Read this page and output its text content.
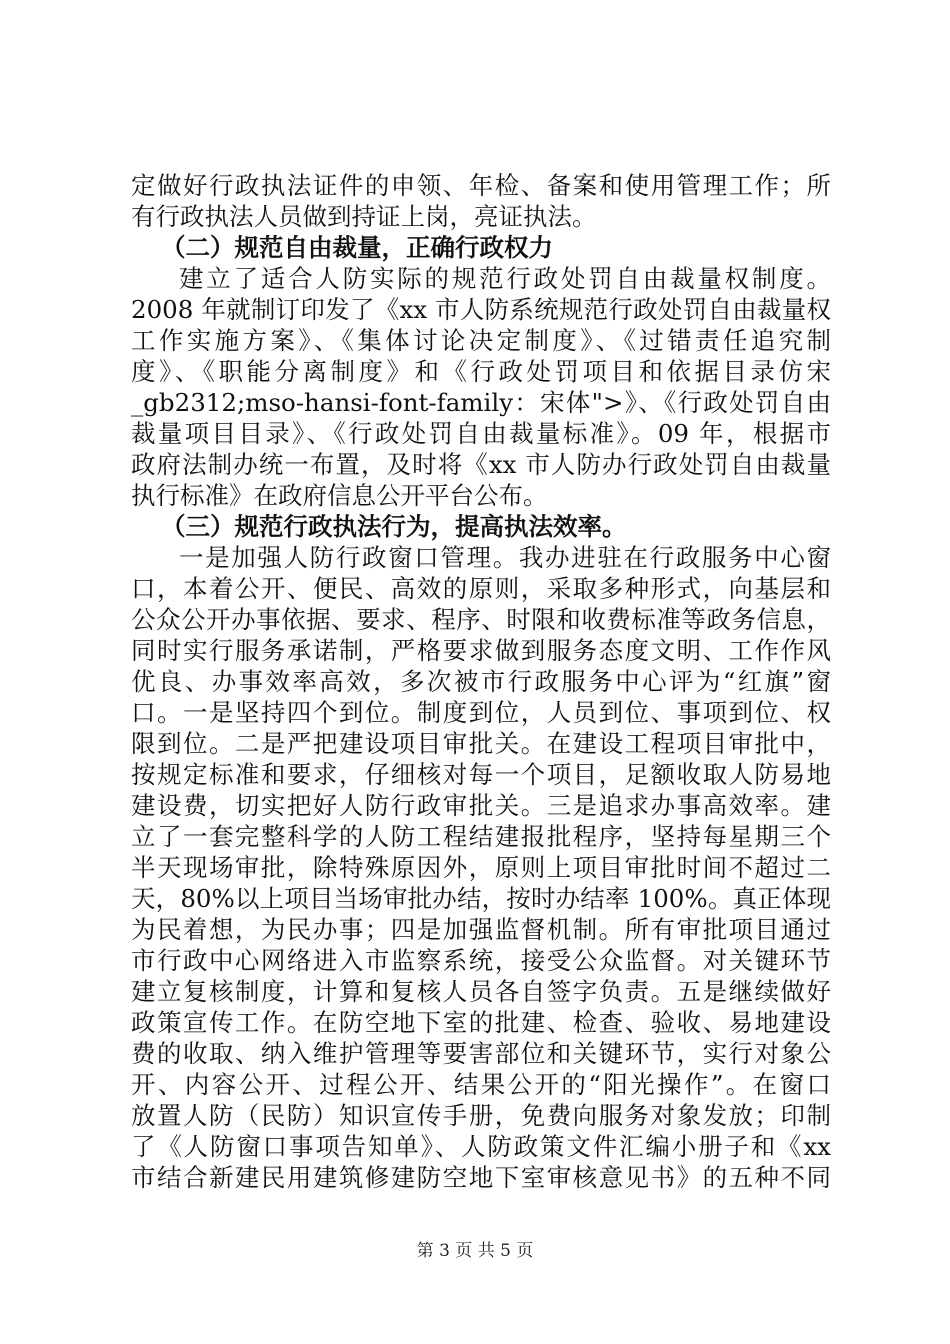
定做好行政执法证件的申领、年检、备案和使用管理工作；所
有行政执法人员做到持证上岗，亮证执法。
（二）规范自由裁量，正确行政权力
建立了适合人防实际的规范行政处罚自由裁量权制度。
2008 年就制订印发了《xx 市人防系统规范行政处罚自由裁量权
工作实施方案》、《集体讨论决定制度》、《过错责任追究制
度》、《职能分离制度》和《行政处罚项目和依据目录仿宋
_gb2312;mso-hansi-font-family：宋体">》、《行政处罚自由
裁量项目目录》、《行政处罚自由裁量标准》。09 年，根据市
政府法制办统一布置，及时将《xx 市人防办行政处罚自由裁量
执行标准》在政府信息公开平台公布。
（三）规范行政执法行为，提高执法效率。
一是加强人防行政窗口管理。我办进驻在行政服务中心窗
口，本着公开、便民、高效的原则，采取多种形式，向基层和
公众公开办事依据、要求、程序、时限和收费标准等政务信息，
同时实行服务承诺制，严格要求做到服务态度文明、工作作风
优良、办事效率高效，多次被市行政服务中心评为“红旗”窗
口。一是坚持四个到位。制度到位，人员到位、事项到位、权
限到位。二是严把建设项目审批关。在建设工程项目审批中，
按规定标准和要求，仔细核对每一个项目，足额收取人防易地
建设费，切实把好人防行政审批关。三是追求办事高效率。建
立了一套完整科学的人防工程结建报批程序，坚持每星期三个
半天现场审批，除特殊原因外，原则上项目审批时间不超过二
天，80%以上项目当场审批办结，按时办结率 100%。真正体现
为民着想，为民办事；四是加强监督机制。所有审批项目通过
市行政中心网络进入市监察系统，接受公众监督。对关键环节
建立复核制度，计算和复核人员各自签字负责。五是继续做好
政策宣传工作。在防空地下室的批建、检查、验收、易地建设
费的收取、纳入维护管理等要害部位和关键环节，实行对象公
开、内容公开、过程公开、结果公开的“阳光操作”。在窗口
放置人防（民防）知识宣传手册，免费向服务对象发放；印制
了《人防窗口事项告知单》、人防政策文件汇编小册子和《xx
市结合新建民用建筑修建防空地下室审核意见书》的五种不同
第 3 页 共 5 页
